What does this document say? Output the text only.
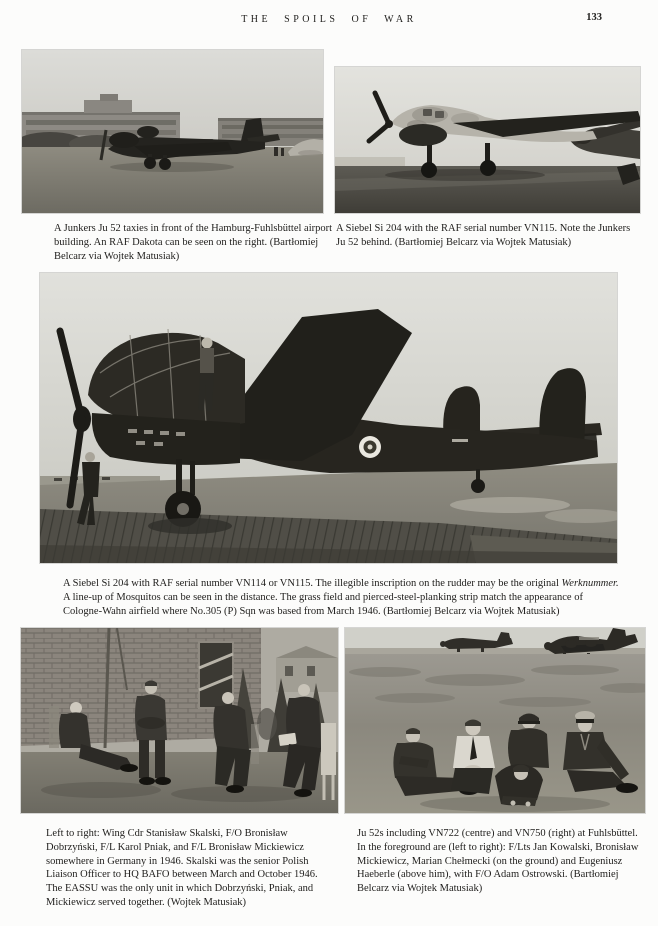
THE SPOILS OF WAR	133

A Junkers Ju 52 taxies in front of the Hamburg-Fuhlsbüttel airport building. An RAF Dakota can be seen on the right. (Bartłomiej Belcarz via Wojtek Matusiak)

A Siebel Si 204 with the RAF serial number VN115. Note the Junkers Ju 52 behind. (Bartłomiej Belcarz via Wojtek Matusiak)

A Siebel Si 204 with RAF serial number VN114 or VN115. The illegible inscription on the rudder may be the original Werknummer. A line-up of Mosquitos can be seen in the distance. The grass field and pierced-steel-planking strip match the appearance of Cologne-Wahn airfield where No.305 (P) Sqn was based from March 1946. (Bartłomiej Belcarz via Wojtek Matusiak)

Left to right: Wing Cdr Stanisław Skalski, F/O Bronisław Dobrzyński, F/L Karol Pniak, and F/L Bronisław Mickiewicz somewhere in Germany in 1946. Skalski was the senior Polish Liaison Officer to HQ BAFO between March and October 1946. The EASSU was the only unit in which Dobrzyński, Pniak, and Mickiewicz served together. (Wojtek Matusiak)

Ju 52s including VN722 (centre) and VN750 (right) at Fuhlsbüttel. In the foreground are (left to right): F/Lts Jan Kowalski, Bronisław Mickiewicz, Marian Chełmecki (on the ground) and Eugeniusz Haeberle (above him), with F/O Adam Ostrowski. (Bartłomiej Belcarz via Wojtek Matusiak)
